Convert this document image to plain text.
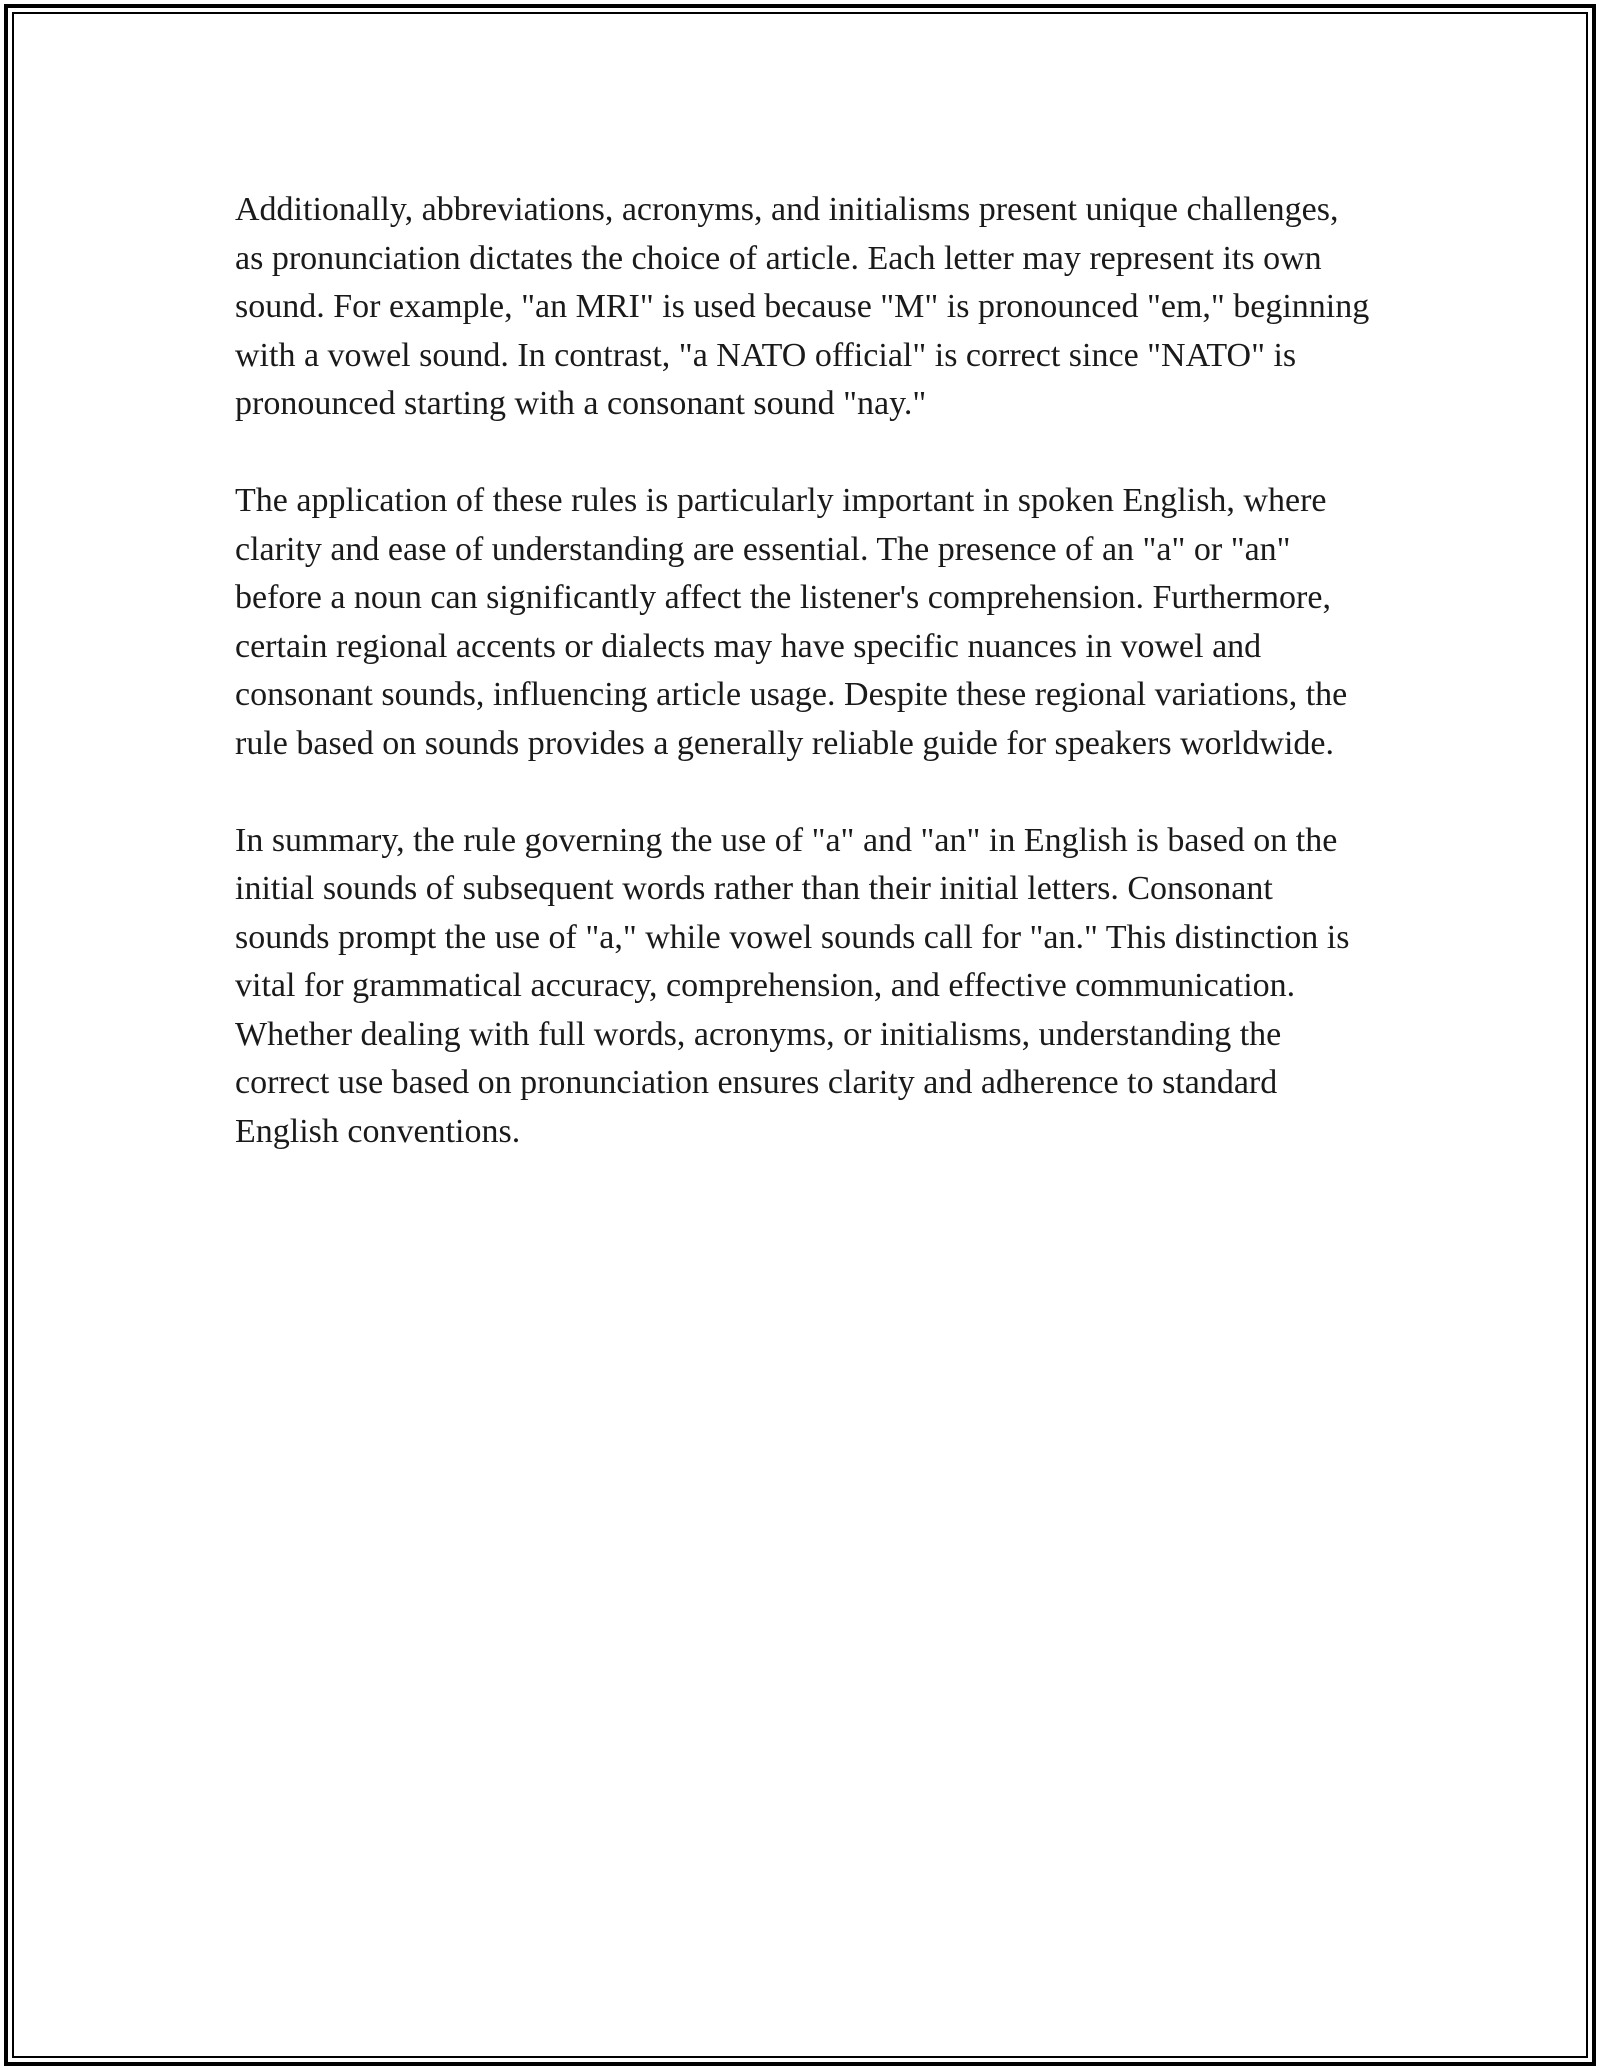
Additionally, abbreviations, acronyms, and initialisms present unique challenges, as pronunciation dictates the choice of article. Each letter may represent its own sound. For example, "an MRI" is used because "M" is pronounced "em," beginning with a vowel sound. In contrast, "a NATO official" is correct since "NATO" is pronounced starting with a consonant sound "nay."

The application of these rules is particularly important in spoken English, where clarity and ease of understanding are essential. The presence of an "a" or "an" before a noun can significantly affect the listener's comprehension. Furthermore, certain regional accents or dialects may have specific nuances in vowel and consonant sounds, influencing article usage. Despite these regional variations, the rule based on sounds provides a generally reliable guide for speakers worldwide.

In summary, the rule governing the use of "a" and "an" in English is based on the initial sounds of subsequent words rather than their initial letters. Consonant sounds prompt the use of "a," while vowel sounds call for "an." This distinction is vital for grammatical accuracy, comprehension, and effective communication. Whether dealing with full words, acronyms, or initialisms, understanding the correct use based on pronunciation ensures clarity and adherence to standard English conventions.
